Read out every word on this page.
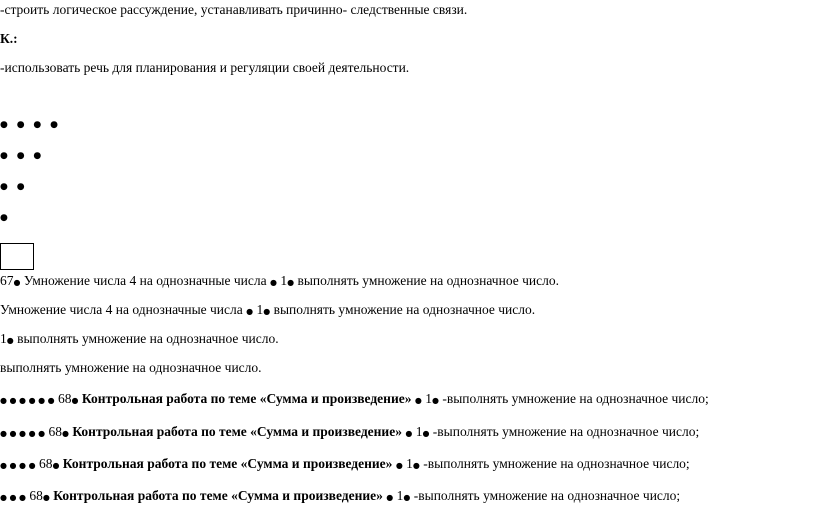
-строить логическое рассуждение, устанавливать причинно- следственные связи.
К.:
-использовать речь для планирования и регуляции своей деятельности.
● ● ● ●
● ● ●
● ●
●
67● Умножение числа 4 на однозначные числа ● 1● выполнять умножение на однозначное число.
Умножение числа 4 на однозначные числа ● 1● выполнять умножение на однозначное число.
1● выполнять умножение на однозначное число.
выполнять умножение на однозначное число.
● ● ● ● ● ● 68● Контрольная работа по теме «Сумма и произведение» ● 1● -выполнять умножение на однозначное число;
● ● ● ● ● 68● Контрольная работа по теме «Сумма и произведение» ● 1● -выполнять умножение на однозначное число;
● ● ● ● 68● Контрольная работа по теме «Сумма и произведение» ● 1● -выполнять умножение на однозначное число;
● ● ● 68● Контрольная работа по теме «Сумма и произведение» ● 1● -выполнять умножение на однозначное число;
